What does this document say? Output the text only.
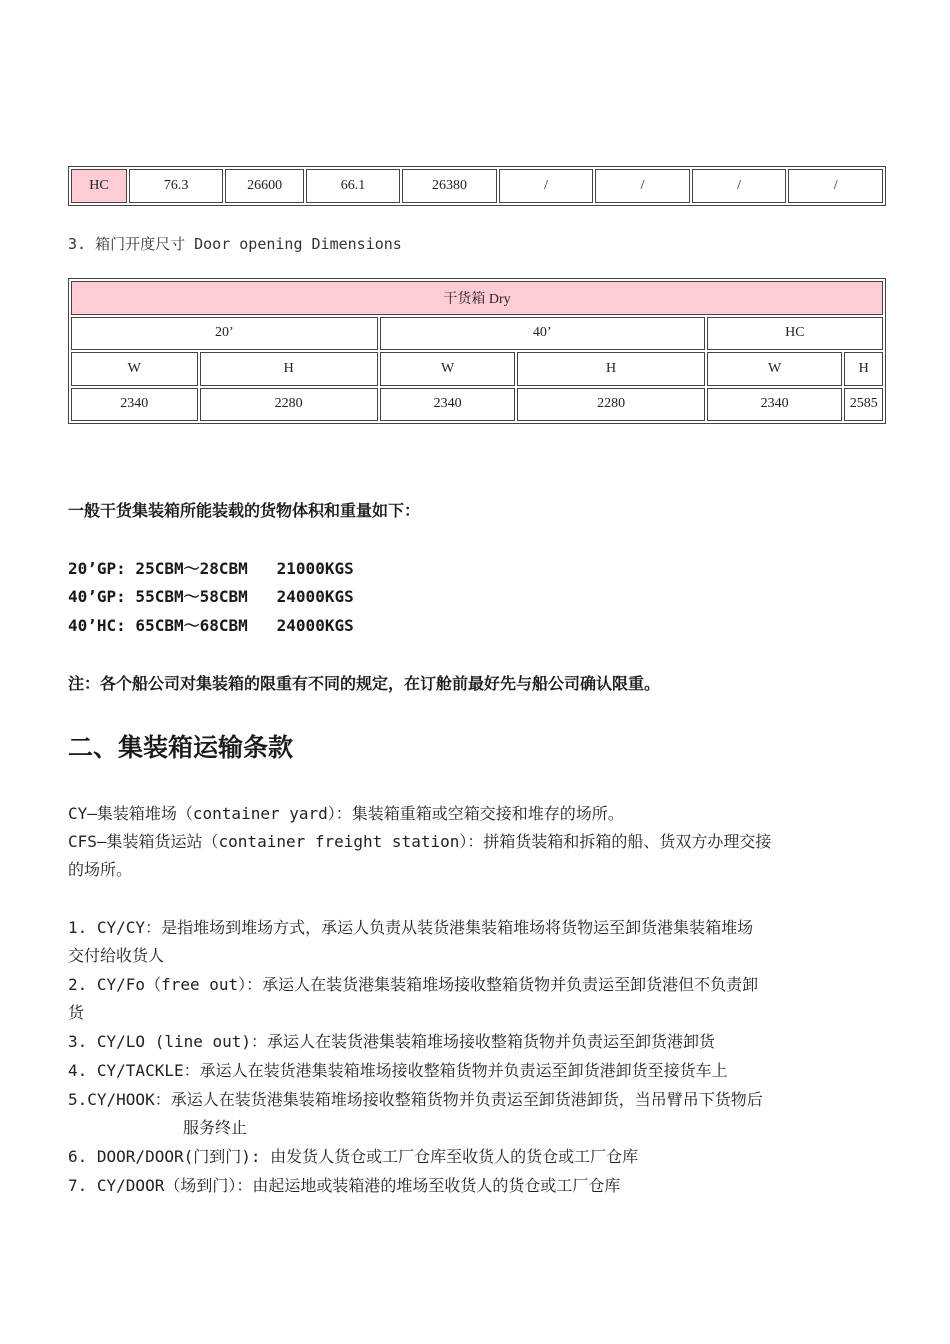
HC	76.3	26600	66.1	26380	/	/	/	/
3. 箱门开度尺寸 Door opening Dimensions
干货箱 Dry					
20’		40’		HC	
W	H	W	H	W	H
2340	2280	2340	2280	2340	2585
一般干货集装箱所能装载的货物体积和重量如下：
20’GP: 25CBM～28CBM   21000KGS
40’GP: 55CBM～58CBM   24000KGS
40’HC: 65CBM～68CBM   24000KGS
注：各个船公司对集装箱的限重有不同的规定，在订舱前最好先与船公司确认限重。
二、集装箱运输条款
CY—集装箱堆场（container yard）：集装箱重箱或空箱交接和堆存的场所。
CFS—集装箱货运站（container freight station）：拼箱货装箱和拆箱的船、货双方办理交接
的场所。
1. CY/CY：是指堆场到堆场方式，承运人负责从装货港集装箱堆场将货物运至卸货港集装箱堆场
交付给收货人
2. CY/Fo（free out）：承运人在装货港集装箱堆场接收整箱货物并负责运至卸货港但不负责卸
货
3. CY/LO (line out)：承运人在装货港集装箱堆场接收整箱货物并负责运至卸货港卸货
4. CY/TACKLE：承运人在装货港集装箱堆场接收整箱货物并负责运至卸货港卸货至接货车上
5.CY/HOOK：承运人在装货港集装箱堆场接收整箱货物并负责运至卸货港卸货，当吊臂吊下货物后
服务终止
6. DOOR/DOOR(门到门): 由发货人货仓或工厂仓库至收货人的货仓或工厂仓库
7. CY/DOOR（场到门）：由起运地或装箱港的堆场至收货人的货仓或工厂仓库
